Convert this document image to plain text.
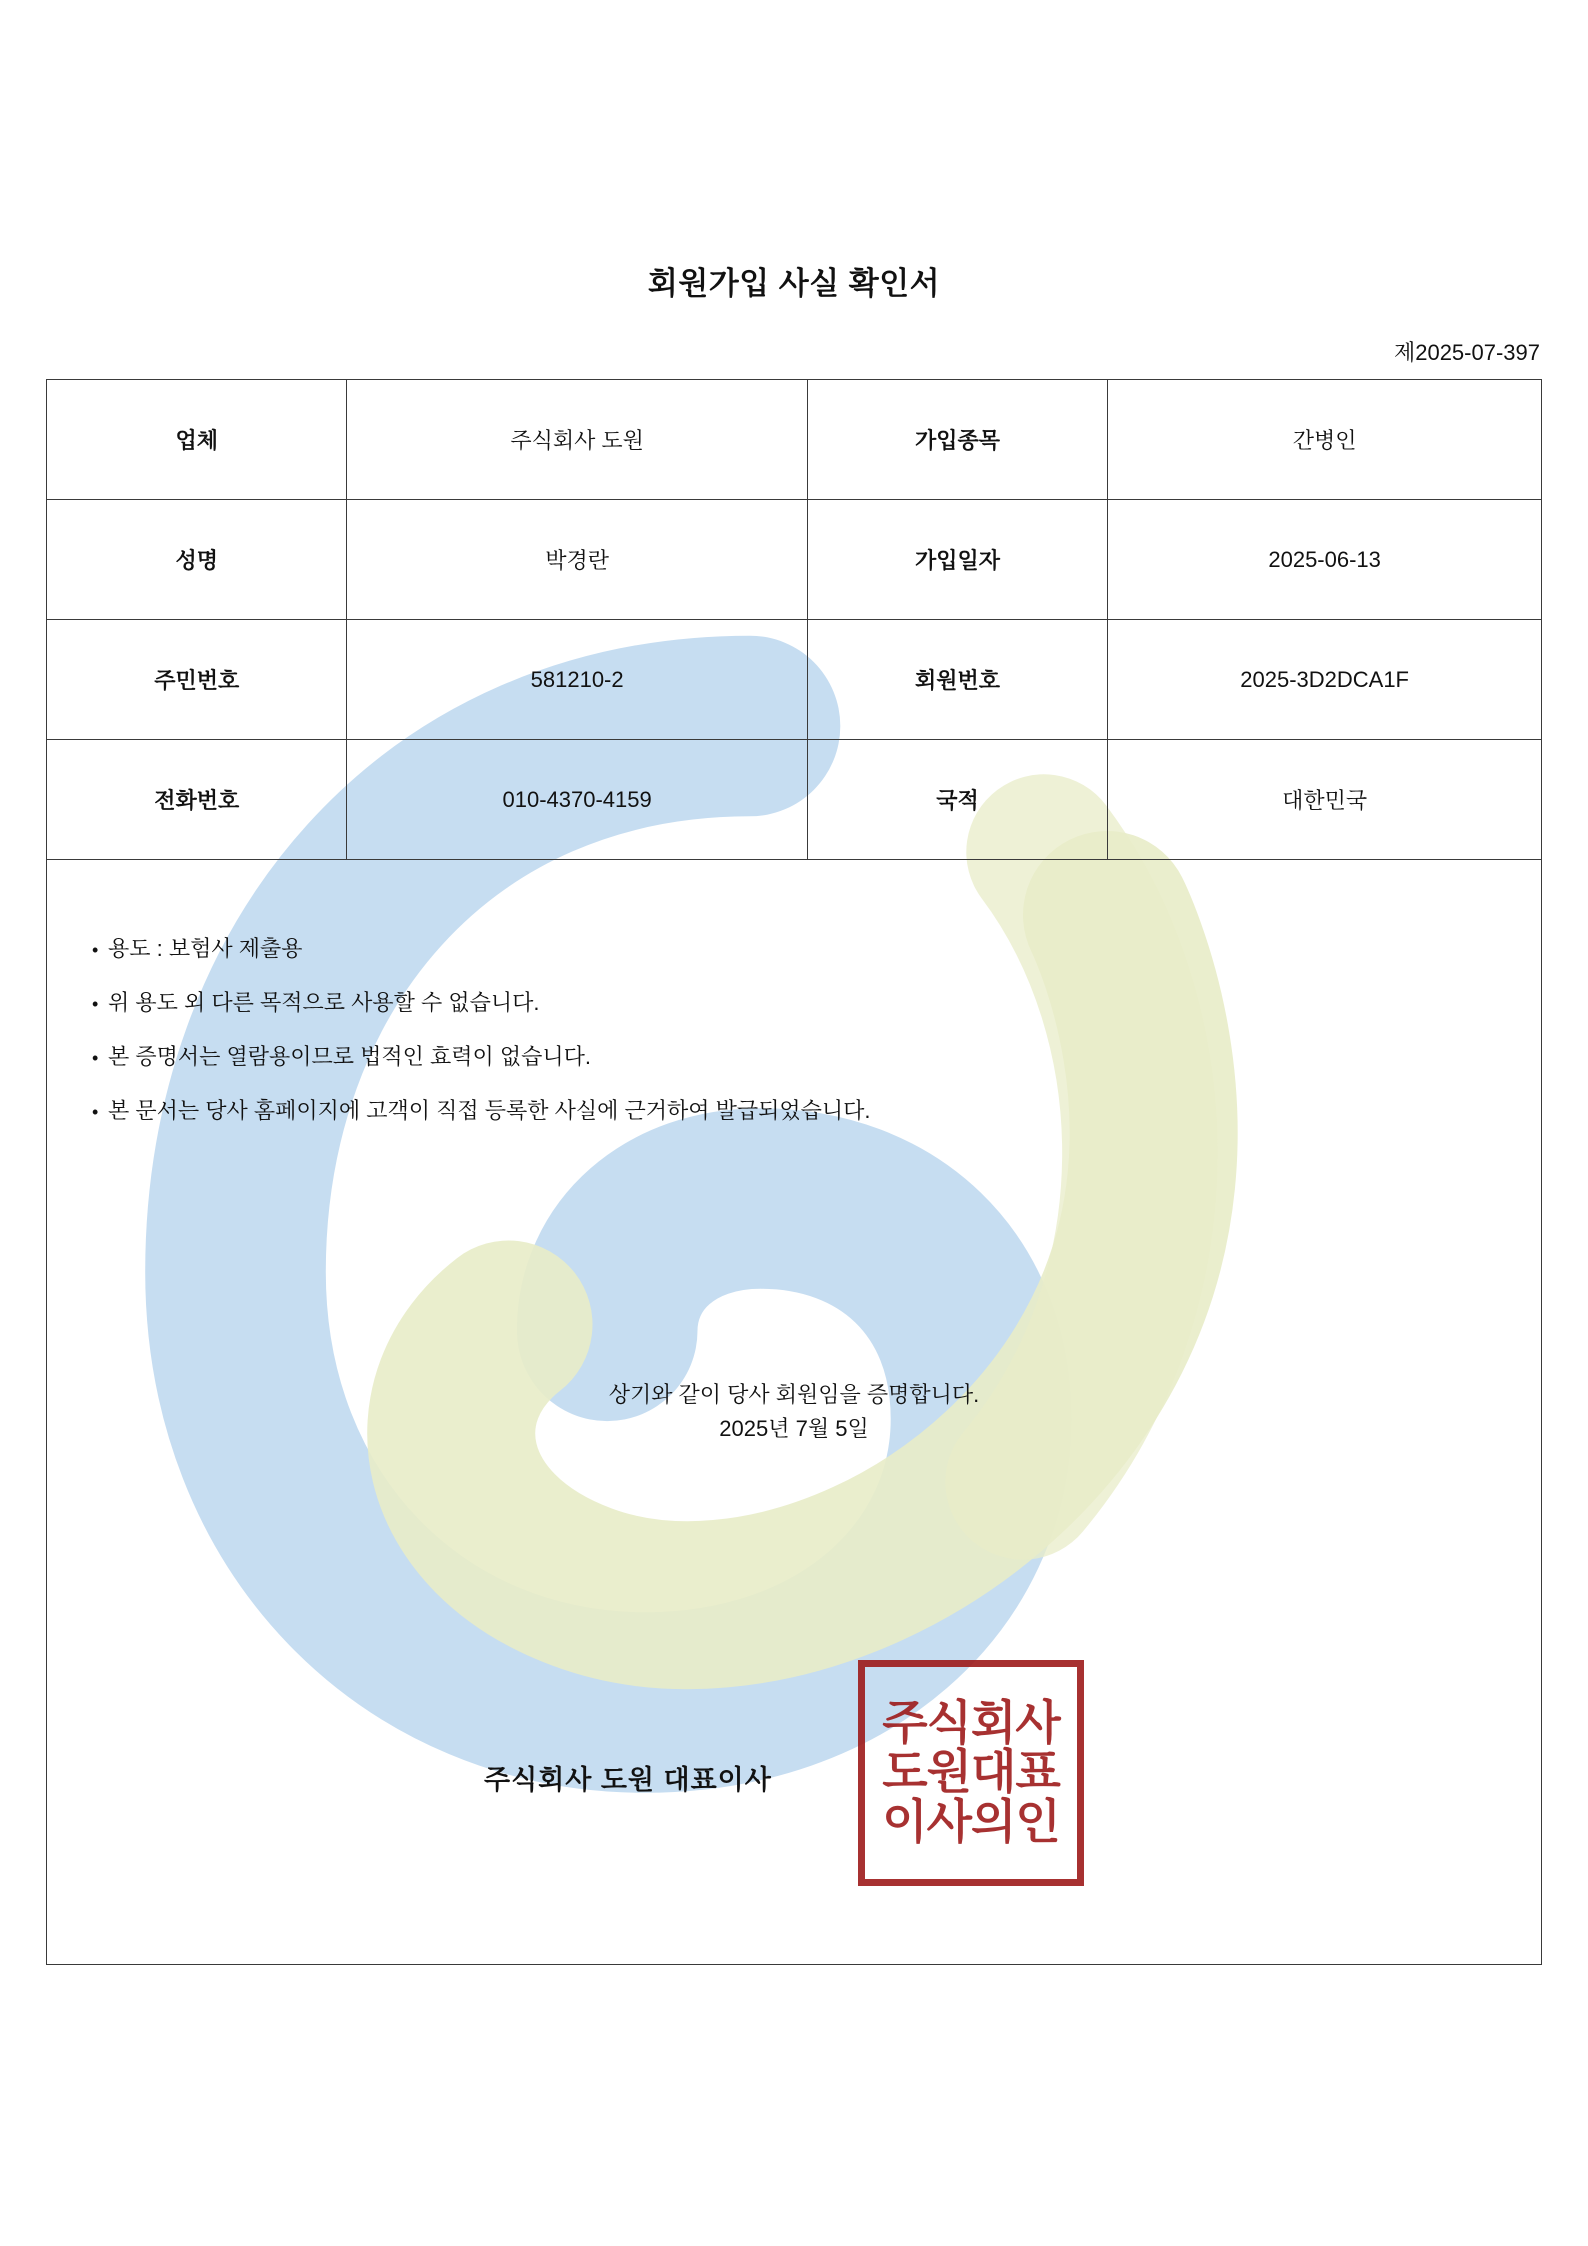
회원가입 사실 확인서
제2025-07-397
업체	주식회사 도원	가입종목	간병인
성명	박경란	가입일자	2025-06-13
주민번호	581210-2	회원번호	2025-3D2DCA1F
전화번호	010-4370-4159	국적	대한민국
• 용도 : 보험사 제출용
• 위 용도 외 다른 목적으로 사용할 수 없습니다.
• 본 증명서는 열람용이므로 법적인 효력이 없습니다.
• 본 문서는 당사 홈페이지에 고객이 직접 등록한 사실에 근거하여 발급되었습니다.
상기와 같이 당사 회원임을 증명합니다.
2025년 7월 5일
주식회사 도원 대표이사
주식회사
도원대표
이사의인
